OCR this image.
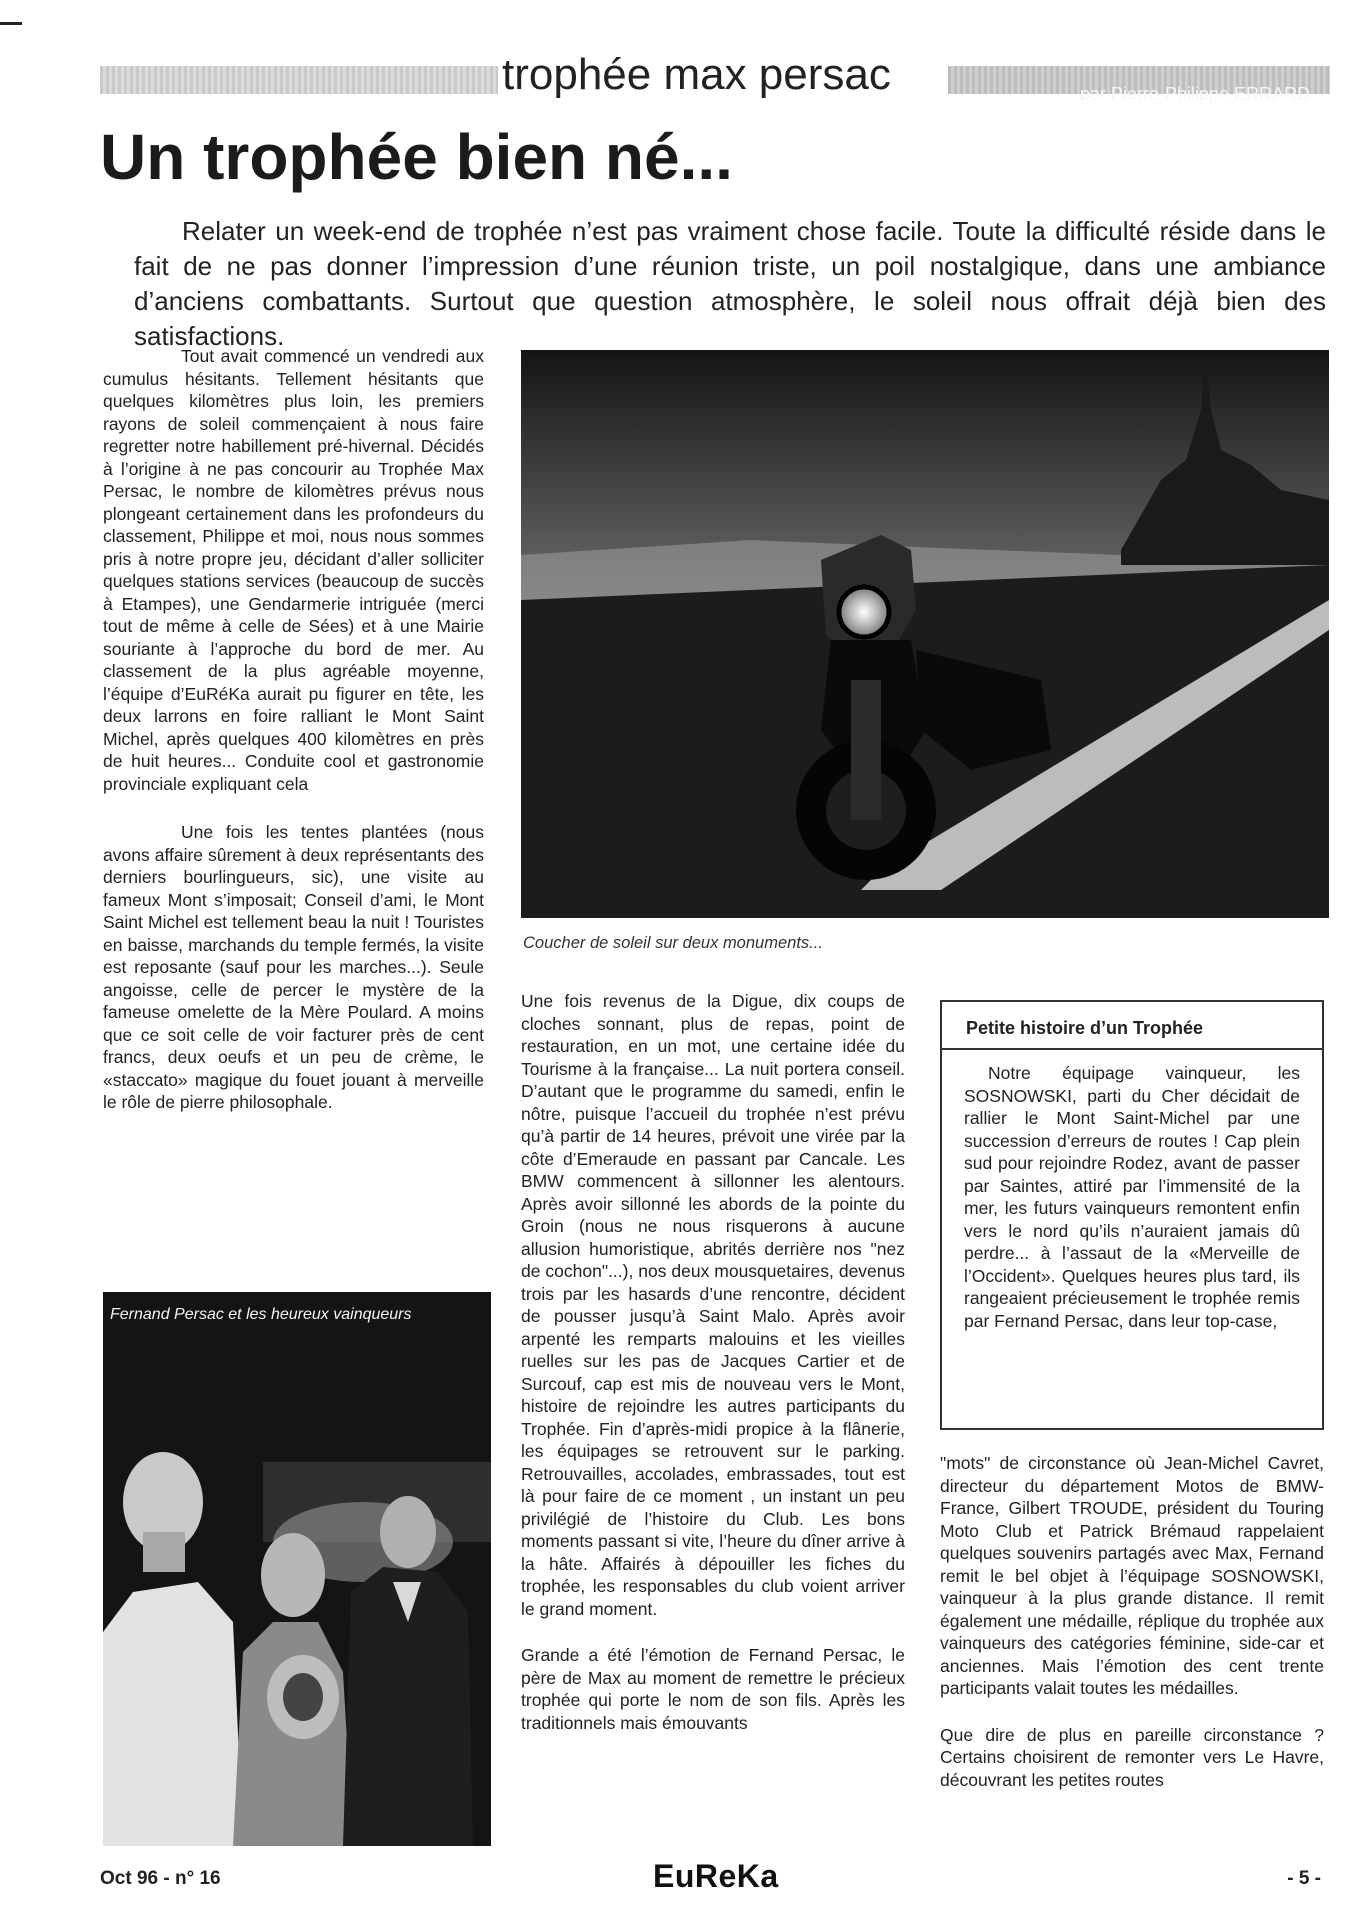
trophée max persac	par Pierre-Philippe ERRARD
Un trophée bien né...

Relater un week-end de trophée n’est pas vraiment chose facile. Toute la difficulté réside dans le fait de ne pas donner l’impression d’une réunion triste, un poil nostalgique, dans une ambiance d’anciens combattants. Surtout que question atmosphère, le soleil nous offrait déjà bien des satisfactions.

Tout avait commencé un vendredi aux cumulus hésitants. Tellement hésitants que quelques kilomètres plus loin, les premiers rayons de soleil commençaient à nous faire regretter notre habillement pré-hivernal. Décidés à l’origine à ne pas concourir au Trophée Max Persac, le nombre de kilomètres prévus nous plongeant certainement dans les profondeurs du classement, Philippe et moi, nous nous sommes pris à notre propre jeu, décidant d’aller solliciter quelques stations services (beaucoup de succès à Etampes), une Gendarmerie intriguée (merci tout de même à celle de Sées) et à une Mairie souriante à l’approche du bord de mer. Au classement de la plus agréable moyenne, l’équipe d’EuRéKa aurait pu figurer en tête, les deux larrons en foire ralliant le Mont Saint Michel, après quelques 400 kilomètres en près de huit heures... Conduite cool et gastronomie provinciale expliquant cela

Une fois les tentes plantées (nous avons affaire sûrement à deux représentants des derniers bourlingueurs, sic), une visite au fameux Mont s’imposait; Conseil d’ami, le Mont Saint Michel est tellement beau la nuit ! Touristes en baisse, marchands du temple fermés, la visite est reposante (sauf pour les marches...). Seule angoisse, celle de percer le mystère de la fameuse omelette de la Mère Poulard. A moins que ce soit celle de voir facturer près de cent francs, deux oeufs et un peu de crème, le «staccato» magique du fouet jouant à merveille le rôle de pierre philosophale.

Coucher de soleil sur deux monuments...
Fernand Persac et les heureux vainqueurs

Une fois revenus de la Digue, dix coups de cloches sonnant, plus de repas, point de restauration, en un mot, une certaine idée du Tourisme à la française... La nuit portera conseil. D’autant que le programme du samedi, enfin le nôtre, puisque l’accueil du trophée n’est prévu qu’à partir de 14 heures, prévoit une virée par la côte d’Emeraude en passant par Cancale. Les BMW commencent à sillonner les alentours. Après avoir sillonné les abords de la pointe du Groin (nous ne nous risquerons à aucune allusion humoristique, abrités derrière nos "nez de cochon"...), nos deux mousquetaires, devenus trois par les hasards d’une rencontre, décident de pousser jusqu’à Saint Malo. Après avoir arpenté les remparts malouins et les vieilles ruelles sur les pas de Jacques Cartier et de Surcouf, cap est mis de nouveau vers le Mont, histoire de rejoindre les autres participants du Trophée. Fin d’après-midi propice à la flânerie, les équipages se retrouvent sur le parking. Retrouvailles, accolades, embrassades, tout est là pour faire de ce moment , un instant un peu privilégié de l’histoire du Club. Les bons moments passant si vite, l’heure du dîner arrive à la hâte. Affairés à dépouiller les fiches du trophée, les responsables du club voient arriver le grand moment.

Grande a été l’émotion de Fernand Persac, le père de Max au moment de remettre le précieux trophée qui porte le nom de son fils. Après les traditionnels mais émouvants

Petite histoire d’un Trophée

Notre équipage vainqueur, les SOSNOWSKI, parti du Cher décidait de rallier le Mont Saint-Michel par une succession d’erreurs de routes ! Cap plein sud pour rejoindre Rodez, avant de passer par Saintes, attiré par l’immensité de la mer, les futurs vainqueurs remontent enfin vers le nord qu’ils n’auraient jamais dû perdre... à l’assaut de la «Merveille de l’Occident». Quelques heures plus tard, ils rangeaient précieusement le trophée remis par Fernand Persac, dans leur top-case,

"mots" de circonstance où Jean-Michel Cavret, directeur du département Motos de BMW-France, Gilbert TROUDE, président du Touring Moto Club et Patrick Brémaud rappelaient quelques souvenirs partagés avec Max, Fernand remit le bel objet à l’équipage SOSNOWSKI, vainqueur à la plus grande distance. Il remit également une médaille, réplique du trophée aux vainqueurs des catégories féminine, side-car et anciennes. Mais l’émotion des cent trente participants valait toutes les médailles.

Que dire de plus en pareille circonstance ? Certains choisirent de remonter vers Le Havre, découvrant les petites routes

Oct 96 - n° 16	EuReKa	- 5 -
